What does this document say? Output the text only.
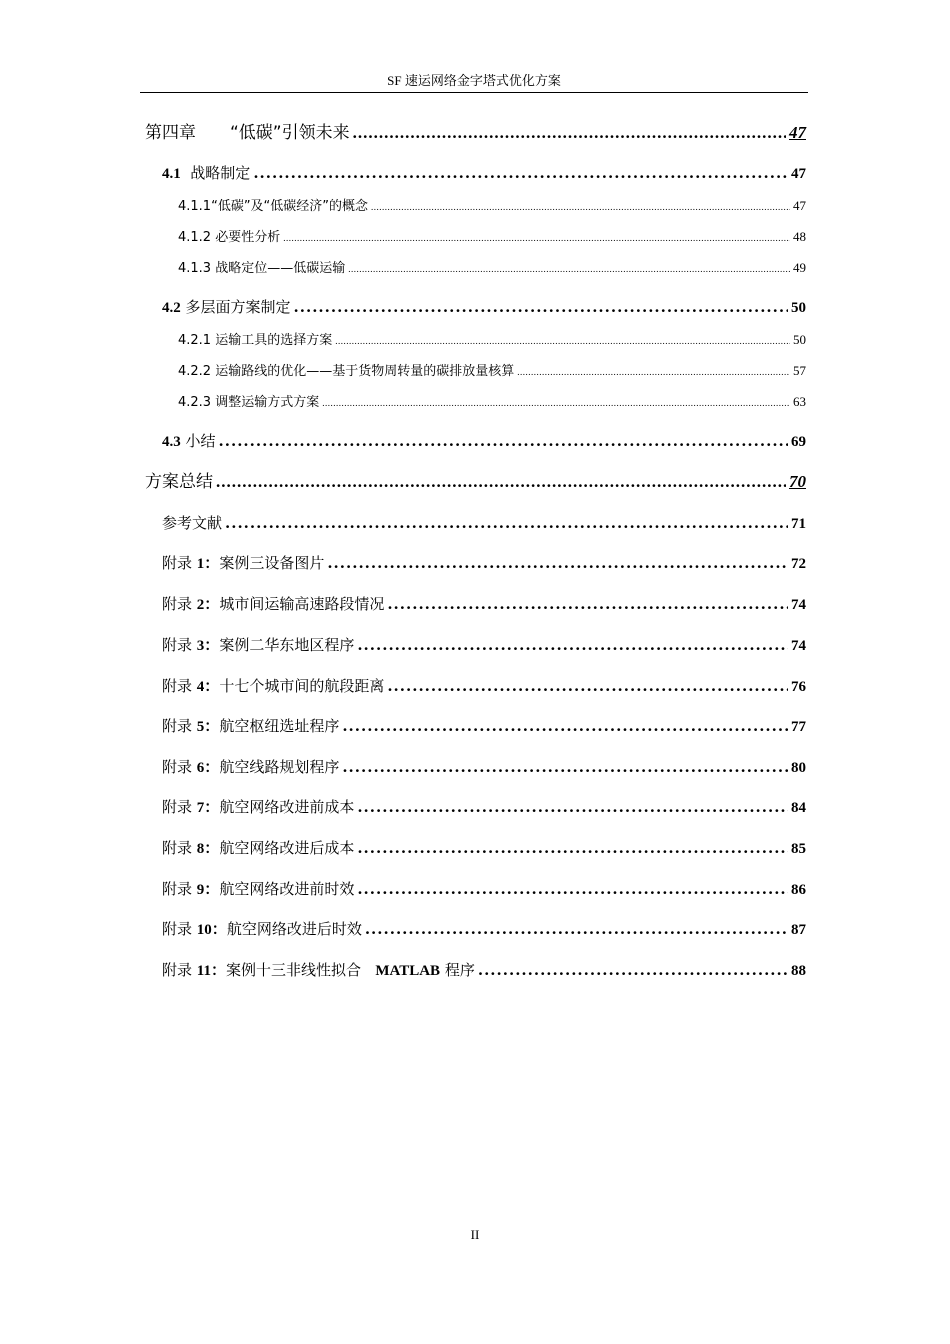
SF 速运网络金字塔式优化方案
第四章　　“低碳”引领未来 .....	47
4.1 战略制定 .....	47
4.1.1“低碳”及“低碳经济”的概念 .....	47
4.1.2 必要性分析 .....	48
4.1.3 战略定位——低碳运输 .....	49
4.2 多层面方案制定 .....	50
4.2.1 运输工具的选择方案 .....	50
4.2.2 运输路线的优化——基于货物周转量的碳排放量核算 .....	57
4.2.3 调整运输方式方案 .....	63
4.3 小结 .....	69
方案总结 .....	70
参考文献 .....	71
附录 1：案例三设备图片 .....	72
附录 2：城市间运输高速路段情况 .....	74
附录 3：案例二华东地区程序 .....	74
附录 4：十七个城市间的航段距离 .....	76
附录 5：航空枢纽选址程序 .....	77
附录 6：航空线路规划程序 .....	80
附录 7：航空网络改进前成本 .....	84
附录 8：航空网络改进后成本 .....	85
附录 9：航空网络改进前时效 .....	86
附录 10：航空网络改进后时效 .....	87
附录 11：案例十三非线性拟合 MATLAB 程序 .....	88
II
